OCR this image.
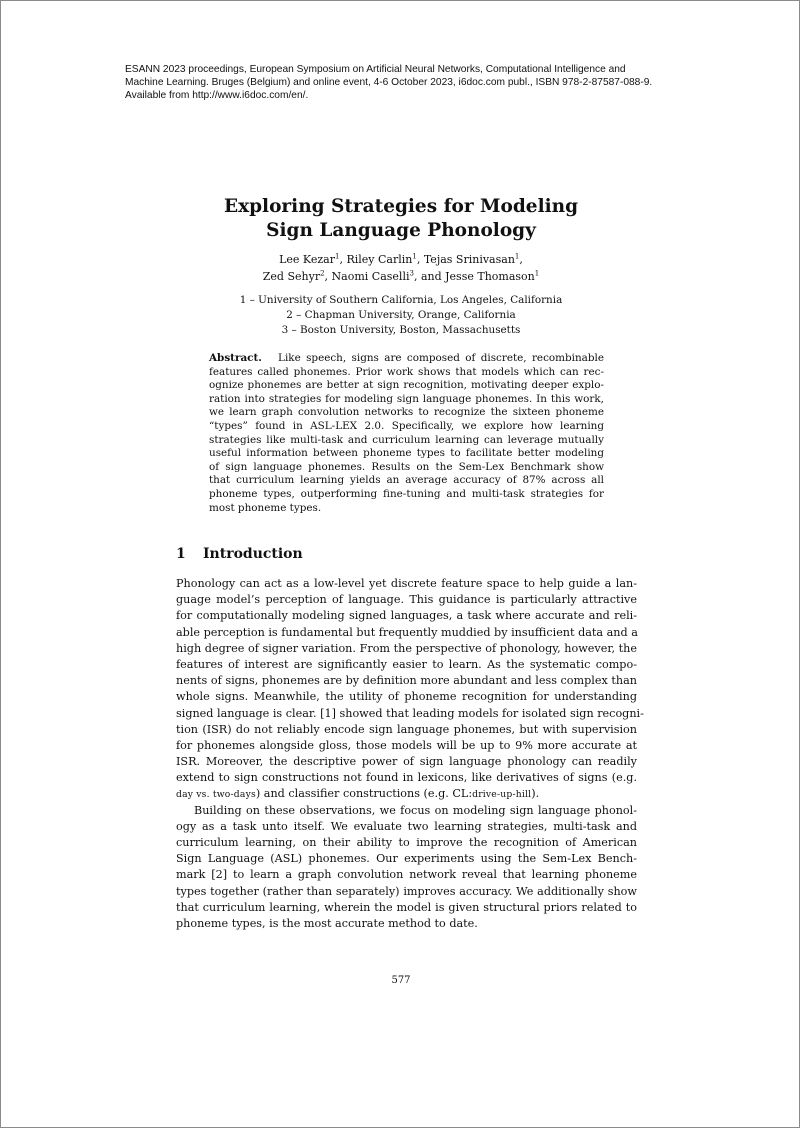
ESANN 2023 proceedings, European Symposium on Artificial Neural Networks, Computational Intelligence and
Machine Learning. Bruges (Belgium) and online event, 4-6 October 2023, i6doc.com publ., ISBN 978-2-87587-088-9.
Available from http://www.i6doc.com/en/.
Exploring Strategies for Modeling
Sign Language Phonology
Lee Kezar$^1$, Riley Carlin$^1$, Tejas Srinivasan$^1$,
Zed Sehyr$^2$, Naomi Caselli$^3$, and Jesse Thomason$^1$
1 – University of Southern California, Los Angeles, California
2 – Chapman University, Orange, California
3 – Boston University, Boston, Massachusetts
Abstract. Like speech, signs are composed of discrete, recombinable
features called phonemes. Prior work shows that models which can rec-
ognize phonemes are better at sign recognition, motivating deeper explo-
ration into strategies for modeling sign language phonemes. In this work,
we learn graph convolution networks to recognize the sixteen phoneme
“types” found in ASL-LEX 2.0. Specifically, we explore how learning
strategies like multi-task and curriculum learning can leverage mutually
useful information between phoneme types to facilitate better modeling
of sign language phonemes. Results on the Sem-Lex Benchmark show
that curriculum learning yields an average accuracy of 87% across all
phoneme types, outperforming fine-tuning and multi-task strategies for
most phoneme types.
1 Introduction
Phonology can act as a low-level yet discrete feature space to help guide a lan-
guage model’s perception of language. This guidance is particularly attractive
for computationally modeling signed languages, a task where accurate and reli-
able perception is fundamental but frequently muddied by insufficient data and a
high degree of signer variation. From the perspective of phonology, however, the
features of interest are significantly easier to learn. As the systematic compo-
nents of signs, phonemes are by definition more abundant and less complex than
whole signs. Meanwhile, the utility of phoneme recognition for understanding
signed language is clear. [1] showed that leading models for isolated sign recogni-
tion (ISR) do not reliably encode sign language phonemes, but with supervision
for phonemes alongside gloss, those models will be up to 9% more accurate at
ISR. Moreover, the descriptive power of sign language phonology can readily
extend to sign constructions not found in lexicons, like derivatives of signs (e.g.
day vs. two-days) and classifier constructions (e.g. CL:drive-up-hill).
Building on these observations, we focus on modeling sign language phonol-
ogy as a task unto itself. We evaluate two learning strategies, multi-task and
curriculum learning, on their ability to improve the recognition of American
Sign Language (ASL) phonemes. Our experiments using the Sem-Lex Bench-
mark [2] to learn a graph convolution network reveal that learning phoneme
types together (rather than separately) improves accuracy. We additionally show
that curriculum learning, wherein the model is given structural priors related to
phoneme types, is the most accurate method to date.
577
